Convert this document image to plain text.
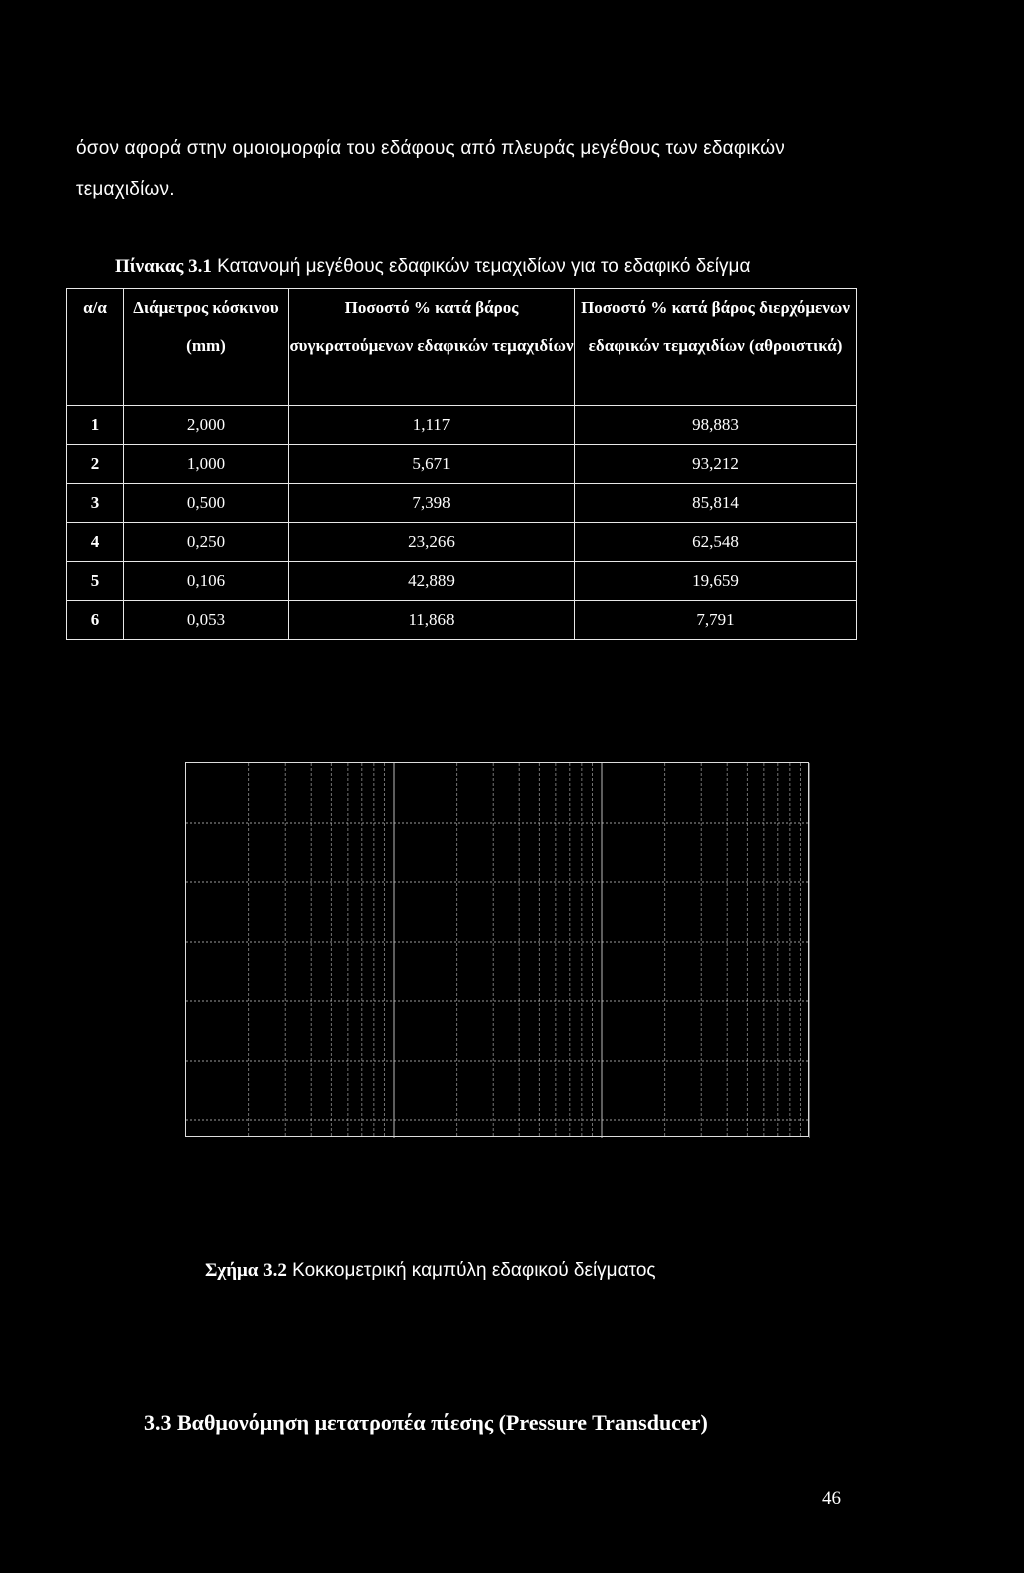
όσον αφορά στην ομοιομορφία του εδάφους από πλευράς μεγέθους των εδαφικών
τεμαχιδίων.
Πίνακας 3.1 Κατανομή μεγέθους εδαφικών τεμαχιδίων για το εδαφικό δείγμα
α/α	Διάμετρος κόσκινου (mm)	Ποσοστό % κατά βάρος συγκρατούμενων εδαφικών τεμαχιδίων	Ποσοστό % κατά βάρος διερχόμενων εδαφικών τεμαχιδίων (αθροιστικά)
1	2,000	1,117	98,883
2	1,000	5,671	93,212
3	0,500	7,398	85,814
4	0,250	23,266	62,548
5	0,106	42,889	19,659
6	0,053	11,868	7,791
Σχήμα 3.2 Κοκκομετρική καμπύλη εδαφικού δείγματος
3.3 Βαθμονόμηση μετατροπέα πίεσης (Pressure Transducer)
46
